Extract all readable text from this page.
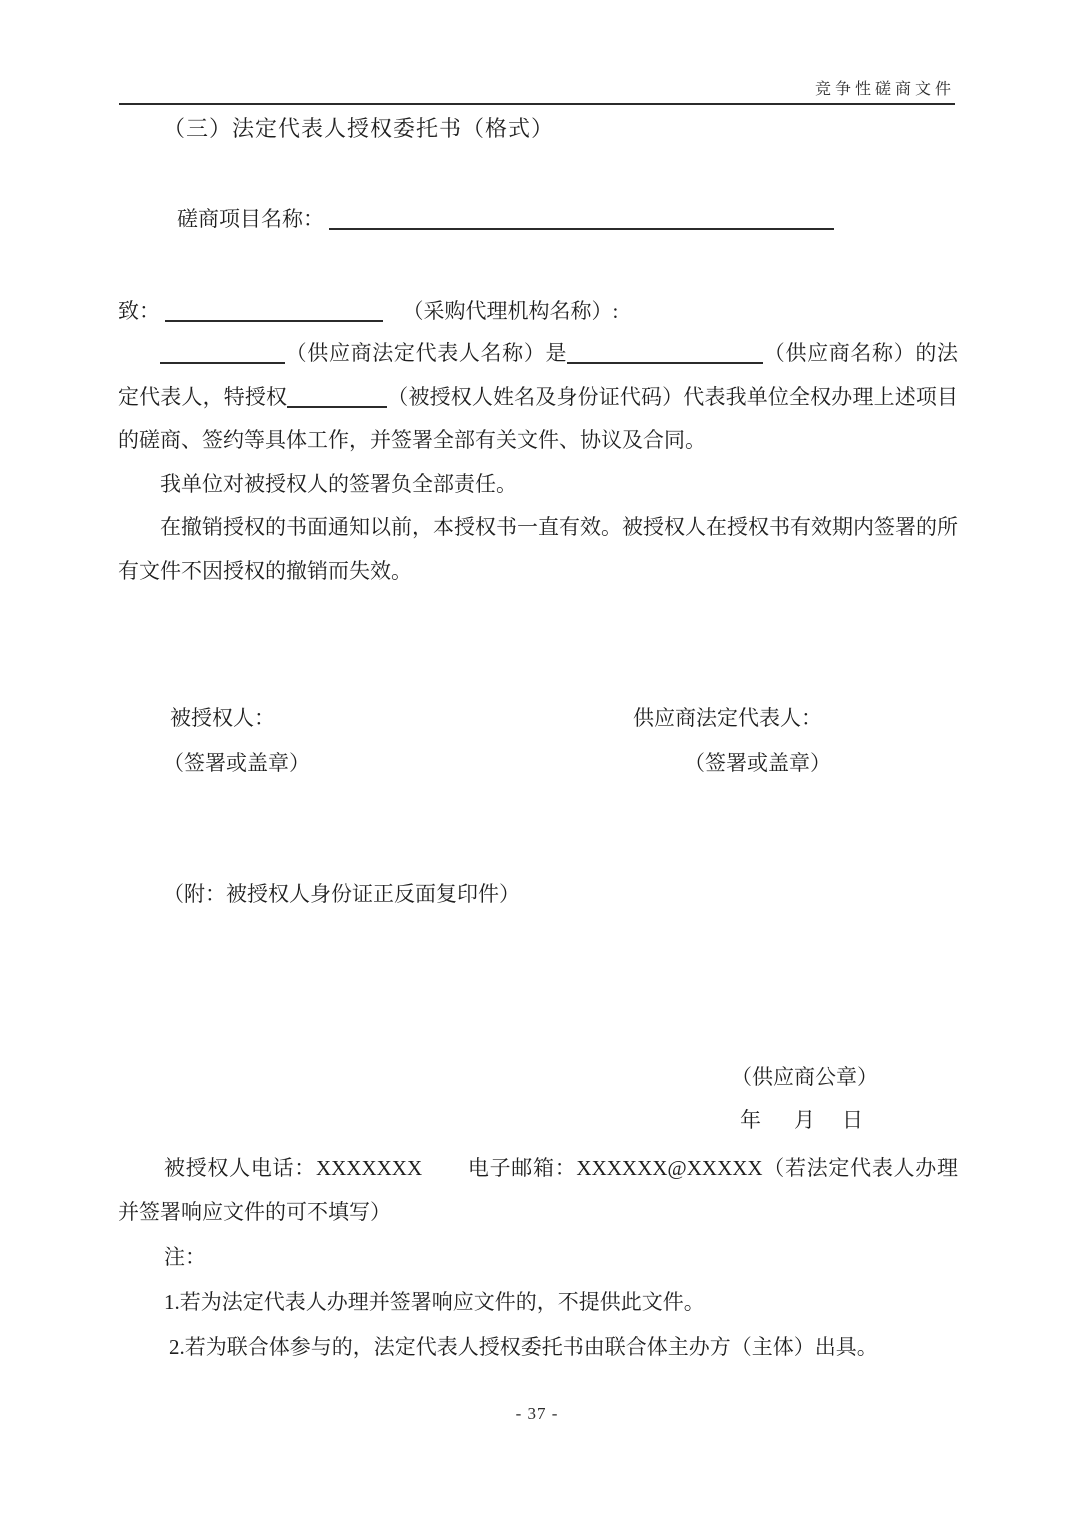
竞争性磋商文件
（三）法定代表人授权委托书（格式）
磋商项目名称：
致：	（采购代理机构名称）:

（供应商法定代表人名称）是	（供应商名称）的法定代表人，特授权	（被授权人姓名及身份证代码）代表我单位全权办理上述项目的磋商、签约等具体工作，并签署全部有关文件、协议及合同。

我单位对被授权人的签署负全部责任。

在撤销授权的书面通知以前，本授权书一直有效。被授权人在授权书有效期内签署的所有文件不因授权的撤销而失效。

被授权人：	供应商法定代表人：
（签署或盖章）	（签署或盖章）
（附：被授权人身份证正反面复印件）
（供应商公章）
年 月 日
被授权人电话：XXXXXXX 电子邮箱：XXXXXX@XXXXX（若法定代表人办理并签署响应文件的可不填写）
注：
1.若为法定代表人办理并签署响应文件的，不提供此文件。
2.若为联合体参与的，法定代表人授权委托书由联合体主办方（主体）出具。
- 37 -
